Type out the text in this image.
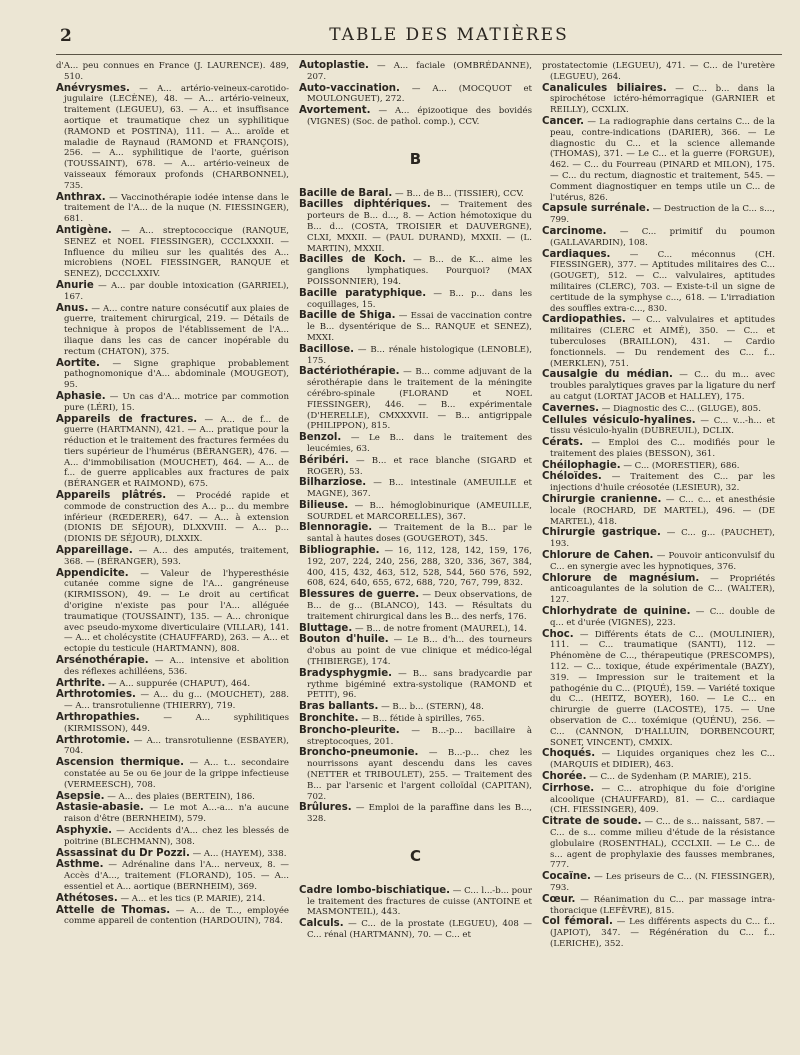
2	TABLE DES MATIÈRES
d'A... peu connues en France (J. LAURENCE). 489, 510.
Anévrysmes. — A... artério-veineux-carotido-jugulaire (LECÈNE), 48. — A... artério-veineux, traitement (LEGUEU), 63. — A... et insuffisance aortique et traumatique chez un syphilitique (RAMOND et POSTINA), 111. — A... aroïde et maladie de Raynaud (RAMOND et FRANÇOIS), 256. — A... syphilitique de l'aorte, guérison (TOUSSAINT), 678. — A... artério-veineux de vaisseaux fémoraux profonds (CHARBONNEL), 735.
Anthrax. — Vaccinothérapie iodée intense dans le traitement de l'A... de la nuque (N. FIESSINGER), 681.
Antigène. — A... streptococcique (RANQUE, SENEZ et NOEL FIESSINGER), CCCLXXXII. — Influence du milieu sur les qualités des A... microbiens (NOEL FIESSINGER, RANQUE et SENEZ), DCCCLXXIV.
Anurie — A... par double intoxication (GARRIEL), 167.
Anus. — A... contre nature consécutif aux plaies de guerre, traitement chirurgical, 219. — Détails de technique à propos de l'établissement de l'A... iliaque dans les cas de cancer inopérable du rectum (CHATON), 375.
Aortite. — Signe graphique probablement pathognomonique d'A... abdominale (MOUGEOT), 95.
Aphasie. — Un cas d'A... motrice par commotion pure (LÉRI), 15.
Appareils de fractures. — A... de f... de guerre (HARTMANN), 421. — A... pratique pour la réduction et le traitement des fractures fermées du tiers supérieur de l'humérus (BÉRANGER), 476. — A... d'immobilisation (MOUCHET), 464. — A... de f... de guerre applicables aux fractures de paix (BÉRANGER et RAIMOND), 675.
Appareils plâtrés. — Procédé rapide et commode de construction des A... p... du membre inférieur (RŒDERER), 647. — A... à extension (DIONIS DE SÉJOUR), DLXXVIII. — A... p... (DIONIS DE SÉJOUR), DLXXIX.
Appareillage. — A... des amputés, traitement, 368. — (BÉRANGER), 593.
Appendicite. — Valeur de l'hyperesthésie cutanée comme signe de l'A... gangréneuse (KIRMISSON), 49. — Le droit au certificat d'origine n'existe pas pour l'A... alléguée traumatique (TOUSSAINT), 135. — A... chronique avec pseudo-myxome diverticulaire (VILLAR), 141. — A... et cholécystite (CHAUFFARD), 263. — A... et ectopie du testicule (HARTMANN), 808.
Arsénothérapie. — A... intensive et abolition des réflexes achilléens, 536.
Arthrite. — A... suppurée (CHAPUT), 464.
Arthrotomies. — A... du g... (MOUCHET), 288. — A... transrotulienne (THIERRY), 719.
Arthropathies.	— A... syphilitiques (KIRMISSON), 449.
Arthrotomie. — A... transrotulienne (ESBAYER), 704.
Ascension thermique. — A... t... secondaire constatée au 5e ou 6e jour de la grippe infectieuse (VERMEESCH), 708.
Asepsie. — A... des plaies (BERTEIN), 186.
Astasie-abasie. — Le mot A...-a... n'a aucune raison d'être (BERNHEIM), 579.
Asphyxie. — Accidents d'A... chez les blessés de poitrine (BLECHMANN), 308.
Assassinat du Dr Pozzi. — A... (HAYEM), 338.
Asthme. — Adrénaline dans l'A... nerveux, 8. — Accès d'A..., traitement (FLORAND), 105. — A... essentiel et A... aortique (BERNHEIM), 369.
Athétoses. — A... et les tics (P. MARIE), 214.
Attelle de Thomas. — A... de T..., employée comme appareil de contention (HARDOUIN), 784.
Autoplastie. — A... faciale (OMBRÉDANNE), 207.
Auto-vaccination. — A... (MOCQUOT et MOULONGUET), 272.
Avortement. — A... épizootique des bovidés (VIGNES) (Soc. de pathol. comp.), CCV.
B
Bacille de Baral. — B... de B... (TISSIER), CCV.
Bacilles diphtériques. — Traitement des porteurs de B... d..., 8. — Action hémotoxique du B... d... (COSTA, TROISIER et DAUVERGNE), CLXI, MXXII. — (PAUL DURAND), MXXII. — (L. MARTIN), MXXII.
Bacilles de Koch. — B... de K... aime les ganglions lymphatiques. Pourquoi? (MAX POISSONNIER), 194.
Bacille paratyphique. — B... p... dans les coquillages, 15.
Bacille de Shiga. — Essai de vaccination contre le B... dysentérique de S... RANQUE et SENEZ), MXXI.
Bacillose. — B... rénale histologique (LENOBLE), 175.
Bactériothérapie. — B... comme adjuvant de la sérothérapie dans le traitement de la méningite cérébro-spinale (FLORAND et NOEL FIESSINGER), 446. — B... expérimentale (D'HERELLE), CMXXXVII. — B... antigrippale (PHILIPPON), 815.
Benzol. — Le B... dans le traitement des leucémies, 63.
Béribéri. — B... et race blanche (SIGARD et ROGER), 53.
Bilharziose. — B... intestinale (AMEUILLE et MAGNE), 367.
Bilieuse. — B... hémoglobinurique (AMEUILLE, SOURDEL et MARCORELLES), 367.
Blennoragie. — Traitement de la B... par le santal à hautes doses (GOUGEROT), 345.
Bibliographie. — 16, 112, 128, 142, 159, 176, 192, 207, 224, 240, 256, 288, 320, 336, 367, 384, 400, 415, 432, 463, 512, 528, 544, 560 576, 592, 608, 624, 640, 655, 672, 688, 720, 767, 799, 832.
Blessures de guerre. — Deux observations, de B... de g... (BLANCO), 143. — Résultats du traitement chirurgical dans les B... des nerfs, 176.
Bluttage. — B... de notre froment (MAUREL), 14.
Bouton d'huile. — Le B... d'h... des tourneurs d'obus au point de vue clinique et médico-légal (THIBIERGE), 174.
Bradysphygmie. — B... sans bradycardie par rythme bigéminé extra-systolique (RAMOND et PETIT), 96.
Bras ballants. — B... b... (STERN), 48.
Bronchite. — B... fétide à spirilles, 765.
Broncho-pleurite. — B...-p... bacillaire à streptocoques, 201.
Broncho-pneumonie. — B...-p... chez les nourrissons ayant descendu dans les caves (NETTER et TRIBOULET), 255. — Traitement des B... par l'arsenic et l'argent colloïdal (CAPITAN), 702.
Brûlures. — Emploi de la paraffine dans les B..., 328.
C
Cadre lombo-bischiatique. — C... l...-b... pour le traitement des fractures de cuisse (ANTOINE et MASMONTEIL), 443.
Calculs. — C... de la prostate (LEGUEU), 408 — C... rénal (HARTMANN), 70. — C... et
prostatectomie (LEGUEU), 471. — C... de l'uretère (LEGUEU), 264.
Canalicules biliaires. — C... b... dans la spirochétose ictéro-hémorragique (GARNIER et REILLY), CCXLIX.
Cancer. — La radiographie dans certains C... de la peau, contre-indications (DARIER), 366. — Le diagnostic du C... et la science allemande (THOMAS), 371. — Le C... et la guerre (FORGUE), 462. — C... du Fourreau (PINARD et MILON), 175. — C... du rectum, diagnostic et traitement, 545. — Comment diagnostiquer en temps utile un C... de l'utérus, 826.
Capsule surrénale. — Destruction de la C... s..., 799.
Carcinome. — C... primitif du poumon (GALLAVARDIN), 108.
Cardiaques. — C... méconnus (CH. FIESSINGER), 377. — Aptitudes militaires des C... (GOUGET), 512. — C... valvulaires, aptitudes militaires (CLERC), 703. — Existe-t-il un signe de certitude de la symphyse c..., 618. — L'irradiation des souffles extra-c..., 830.
Cardiopathies. — C... valvulaires et aptitudes militaires (CLERC et AIMÉ), 350. — C... et tuberculoses (BRAILLON), 431. — Cardio fonctionnels. — Du rendement des C... f... (MERKLEN), 751.
Causalgie du médian. — C... du m... avec troubles paralytiques graves par la ligature du nerf au catgut (LORTAT JACOB et HALLEY), 175.
Cavernes. — Diagnostic des C... (GLUGE), 805.
Cellules vésiculo-hyalines. — C... v...-h... et tissu vésiculo-hyalin (DUBREUIL), DCLIX.
Cérats. — Emploi des C... modifiés pour le traitement des plaies (BESSON), 361.
Chéilophagie. — C... (MORESTIER), 686.
Chéloïdes. — Traitement des C... par les injections d'huile créosotée (LESIEUR), 32.
Chirurgie cranienne. — C... c... et anesthésie locale (ROCHARD, DE MARTEL), 496. — (DE MARTEL), 418.
Chirurgie gastrique. — C... g... (PAUCHET), 193.
Chlorure de Cahen. — Pouvoir anticonvulsif du C... en synergie avec les hypnotiques, 376.
Chlorure de magnésium. — Propriétés anticoagulantes de la solution de C... (WALTER), 127.
Chlorhydrate de quinine. — C... double de q... et d'urée (VIGNES), 223.
Choc. — Différents états de C... (MOULINIER), 111. — C... traumatique (SANTI), 112. — Phénomène de C..., thérapeutique (PRESCOMPS), 112. — C... toxique, étude expérimentale (BAZY), 319. — Impression sur le traitement et la pathogénie du C... (PIQUÉ), 159. — Variété toxique du C... (HEITZ, BOYER), 160. — Le C... en chirurgie de guerre (LACOSTE), 175. — Une observation de C... toxémique (QUÉNU), 256. — C... (CANNON, D'HALLUIN, DORBENCOURT, SONET, VINCENT), CMXIX.
Choqués. — Liquides organiques chez les C... (MARQUIS et DIDIER), 463.
Chorée. — C... de Sydenham (P. MARIE), 215.
Cirrhose. — C... atrophique du foie d'origine alcoolique (CHAUFFARD), 81. — C... cardiaque (CH. FIESSINGER), 409.
Citrate de soude. — C... de s... naissant, 587. — C... de s... comme milieu d'étude de la résistance globulaire (ROSENTHAL), CCCLXII. — Le C... de s... agent de prophylaxie des fausses membranes, 777.
Cocaïne. — Les priseurs de C... (N. FIESSINGER), 793.
Cœur. — Réanimation du C... par massage intra-thoracique (LEFÈVRE), 815.
Col fémoral. — Les différents aspects du C... f... (JAPIOT), 347. — Régénération du C... f... (LERICHE), 352.
